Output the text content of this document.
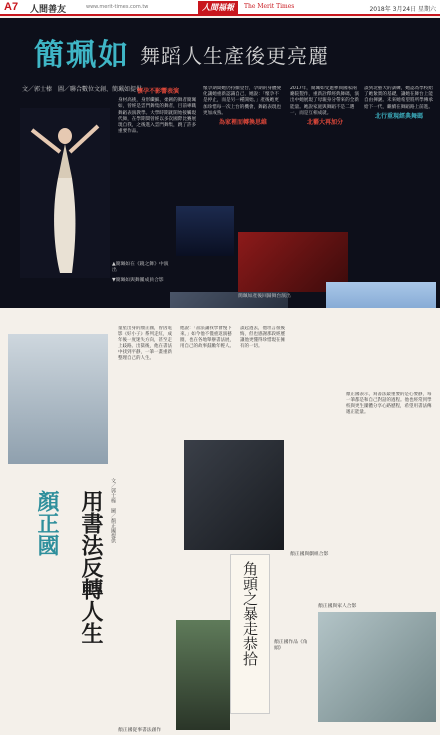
A7 人間善友	www.merit-times.com.tw	人間福報	The Merit Times	2018年 3月24日 星期六
簡珮如 舞蹈人生產後更亮麗
文／郭士榛　圖／聯合數位文創、簡珮如提供
懷孕不影響表演

身材高挑，身形纖細、柔韌的舞者簡珮如，曾經是雲門舞集的舞者，目前專職舞蹈表演教學。大學時期就開始接觸現代舞，在學期間曾經以多次國際比賽展現自我，之後進入雲門舞集，跳了許多重要作品。

懷孕期間她仍持續登台，孕期的身體變化讓她重新認識自己，她說：「懷孕不是停止，而是另一種開始。」產後她更加珍惜每一次上台的機會，舞蹈表現也更加成熟。

為家裡而轉換思維

2017年，簡珮如受邀參與國家兩廳院製作，重新詮釋經典舞碼，演出中她展現了母親身分帶來的全新能量。她說家庭與舞蹈不是二選一，而是互相成就。

北藝大再加分

談到北藝大的訓練，她認為學校給了她紮實的基礎，讓她在舞台上能自由揮灑。未來她希望將所學傳承給下一代，繼續在舞蹈路上前進。

北行重現經典舞碼
▲簡珮如在《鏡之舞》中演出
▼簡珮如與舞團成員合影
簡珮如產後回歸舞台演出
顏正國 用書法反轉人生	文／郭士榛　圖／顏正國提供
童星出身的顏正國，曾因電影《好小子》系列走紅，成年後一度迷失方向，甚至走上歧路。出獄後，他在書法中找到平靜，一筆一畫重新整理自己的人生。
他說：「書法讓我學會慢下來。」如今他不僅重返演藝圈，也在各地舉辦書法展，用自己的故事鼓勵年輕人。
談起過去，他坦言很後悔，但也感謝那段經歷讓他更懂得珍惜現在擁有的一切。
顏正國表示，寫書法最重要的是心要靜，每一筆都是和自己對話的過程。他也經常到學校與更生團體分享心路歷程，希望用書法傳遞正能量。
角頭之暴走恭拾
顏正國從事書法創作
顏正國與劇組合影
顏正國作品《角頭》
顏正國與家人合影
